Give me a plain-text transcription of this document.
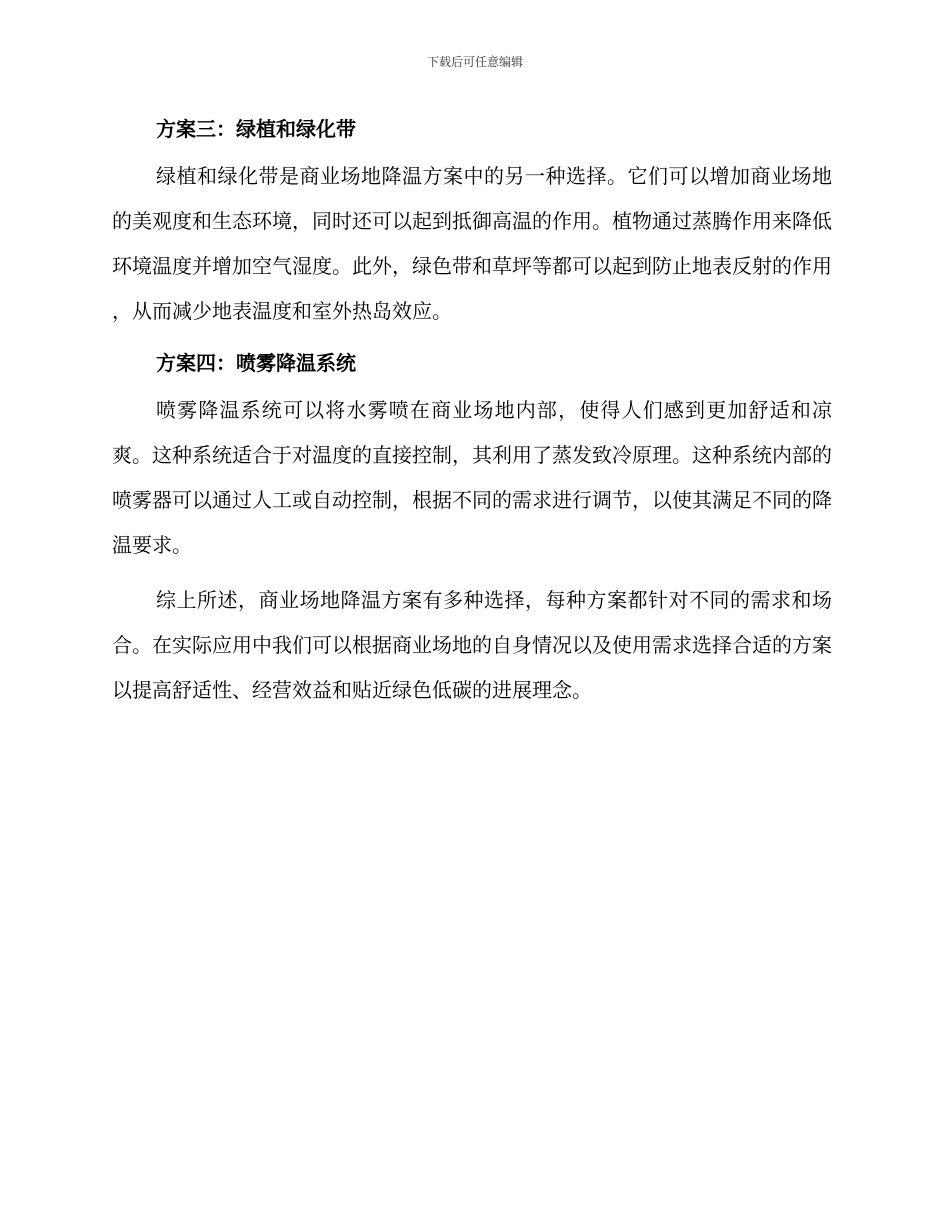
下载后可任意编辑
方案三：绿植和绿化带

绿植和绿化带是商业场地降温方案中的另一种选择。它们可以增加商业场地的美观度和生态环境，同时还可以起到抵御高温的作用。植物通过蒸腾作用来降低环境温度并增加空气湿度。此外，绿色带和草坪等都可以起到防止地表反射的作用 ，从而减少地表温度和室外热岛效应。

方案四：喷雾降温系统

喷雾降温系统可以将水雾喷在商业场地内部，使得人们感到更加舒适和凉爽。这种系统适合于对温度的直接控制，其利用了蒸发致冷原理。这种系统内部的喷雾器可以通过人工或自动控制，根据不同的需求进行调节，以使其满足不同的降温要求。

综上所述，商业场地降温方案有多种选择，每种方案都针对不同的需求和场合。在实际应用中我们可以根据商业场地的自身情况以及使用需求选择合适的方案以提高舒适性、经营效益和贴近绿色低碳的进展理念。
